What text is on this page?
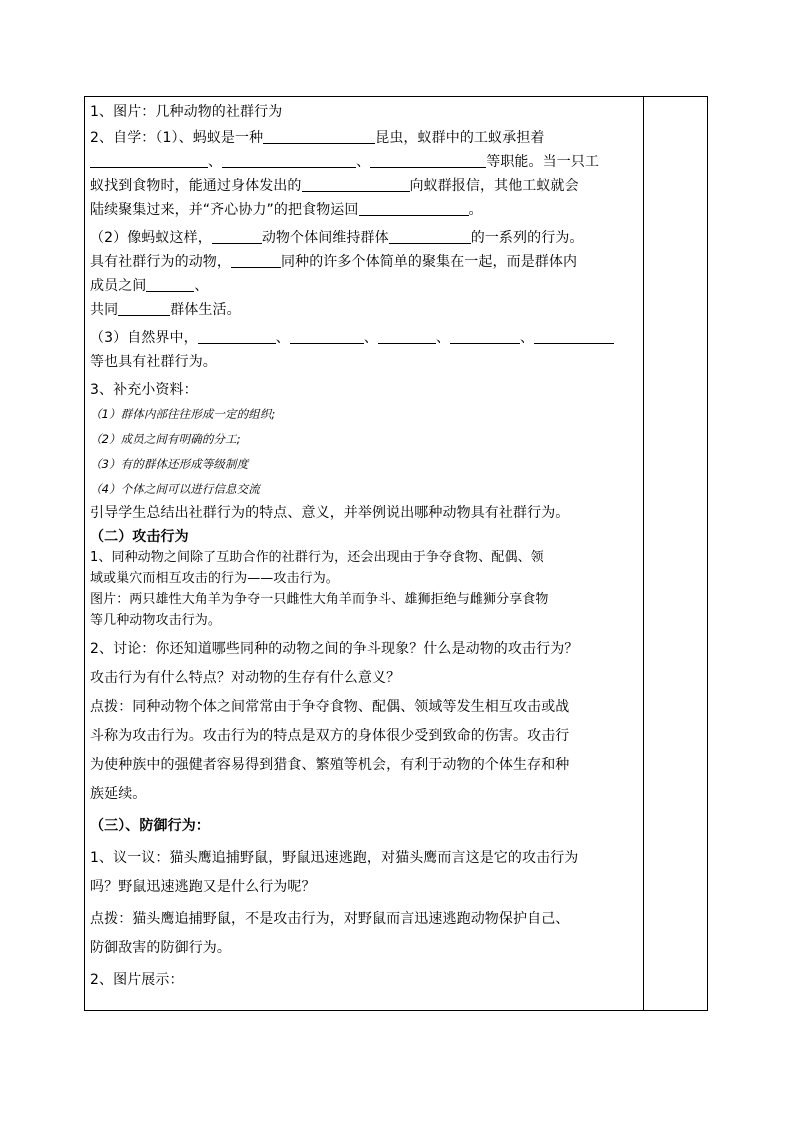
1、图片：几种动物的社群行为

2、自学：（1）、蚂蚁是一种	昆虫，蚁群中的工蚁承担着

、	、	等职能。当一只工

蚁找到食物时，能通过身体发出的	向蚁群报信，其他工蚁就会

陆续聚集过来，并“齐心协力”的把食物运回	。

（2）像蚂蚁这样，	动物个体间维持群体	的一系列的行为。

具有社群行为的动物，	同种的许多个体简单的聚集在一起，而是群体内

成员之间	、

共同	群体生活。

（3）自然界中，	、	、	、	、

等也具有社群行为。

3、补充小资料：

（1）群体内部往往形成一定的组织;

（2）成员之间有明确的分工;

（3）有的群体还形成等级制度

（4）个体之间可以进行信息交流

引导学生总结出社群行为的特点、意义，并举例说出哪种动物具有社群行为。

（二）攻击行为

1、同种动物之间除了互助合作的社群行为，还会出现由于争夺食物、配偶、领

域或巢穴而相互攻击的行为——攻击行为。

图片：两只雄性大角羊为争夺一只雌性大角羊而争斗、雄狮拒绝与雌狮分享食物

等几种动物攻击行为。

2、讨论：你还知道哪些同种的动物之间的争斗现象？什么是动物的攻击行为？

攻击行为有什么特点？对动物的生存有什么意义？

点拨：同种动物个体之间常常由于争夺食物、配偶、领域等发生相互攻击或战

斗称为攻击行为。攻击行为的特点是双方的身体很少受到致命的伤害。攻击行

为使种族中的强健者容易得到猎食、繁殖等机会，有利于动物的个体生存和种

族延续。

（三）、防御行为：

1、议一议：猫头鹰追捕野鼠，野鼠迅速逃跑，对猫头鹰而言这是它的攻击行为

吗？野鼠迅速逃跑又是什么行为呢？

点拨：猫头鹰追捕野鼠，不是攻击行为，对野鼠而言迅速逃跑动物保护自己、

防御敌害的防御行为。

2、图片展示：
